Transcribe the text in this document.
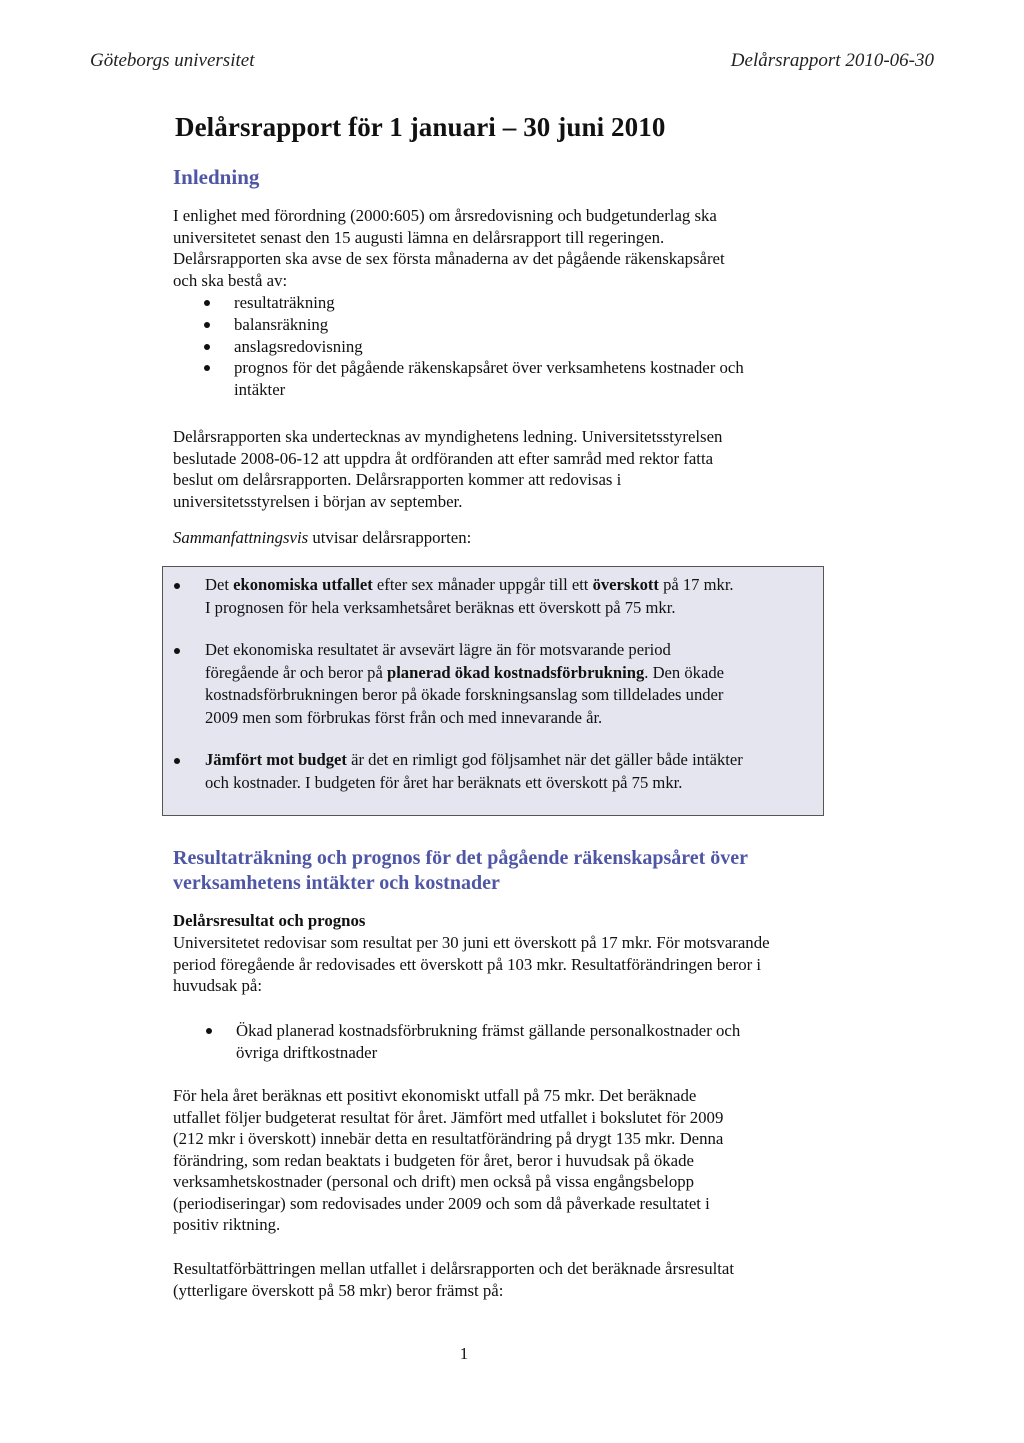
Göteborgs universitet	Delårsrapport 2010-06-30
Delårsrapport för 1 januari – 30 juni 2010
Inledning
I enlighet med förordning (2000:605) om årsredovisning och budgetunderlag ska
universitetet senast den 15 augusti lämna en delårsrapport till regeringen.
Delårsrapporten ska avse de sex första månaderna av det pågående räkenskapsåret
och ska bestå av:
resultaträkning
balansräkning
anslagsredovisning
prognos för det pågående räkenskapsåret över verksamhetens kostnader och
intäkter
Delårsrapporten ska undertecknas av myndighetens ledning. Universitetsstyrelsen
beslutade 2008-06-12 att uppdra åt ordföranden att efter samråd med rektor fatta
beslut om delårsrapporten. Delårsrapporten kommer att redovisas i
universitetsstyrelsen i början av september.
Sammanfattningsvis utvisar delårsrapporten:
Det ekonomiska utfallet efter sex månader uppgår till ett överskott på 17 mkr.
I prognosen för hela verksamhetsåret beräknas ett överskott på 75 mkr.
Det ekonomiska resultatet är avsevärt lägre än för motsvarande period
föregående år och beror på planerad ökad kostnadsförbrukning. Den ökade
kostnadsförbrukningen beror på ökade forskningsanslag som tilldelades under
2009 men som förbrukas först från och med innevarande år.
Jämfört mot budget är det en rimligt god följsamhet när det gäller både intäkter
och kostnader. I budgeten för året har beräknats ett överskott på 75 mkr.
Resultaträkning och prognos för det pågående räkenskapsåret över
verksamhetens intäkter och kostnader
Delårsresultat och prognos
Universitetet redovisar som resultat per 30 juni ett överskott på 17 mkr. För motsvarande
period föregående år redovisades ett överskott på 103 mkr. Resultatförändringen beror i
huvudsak på:
Ökad planerad kostnadsförbrukning främst gällande personalkostnader och
övriga driftkostnader
För hela året beräknas ett positivt ekonomiskt utfall på 75 mkr. Det beräknade
utfallet följer budgeterat resultat för året. Jämfört med utfallet i bokslutet för 2009
(212 mkr i överskott) innebär detta en resultatförändring på drygt 135 mkr. Denna
förändring, som redan beaktats i budgeten för året, beror i huvudsak på ökade
verksamhetskostnader (personal och drift) men också på vissa engångsbelopp
(periodiseringar) som redovisades under 2009 och som då påverkade resultatet i
positiv riktning.
Resultatförbättringen mellan utfallet i delårsrapporten och det beräknade årsresultat
(ytterligare överskott på 58 mkr) beror främst på:
1
